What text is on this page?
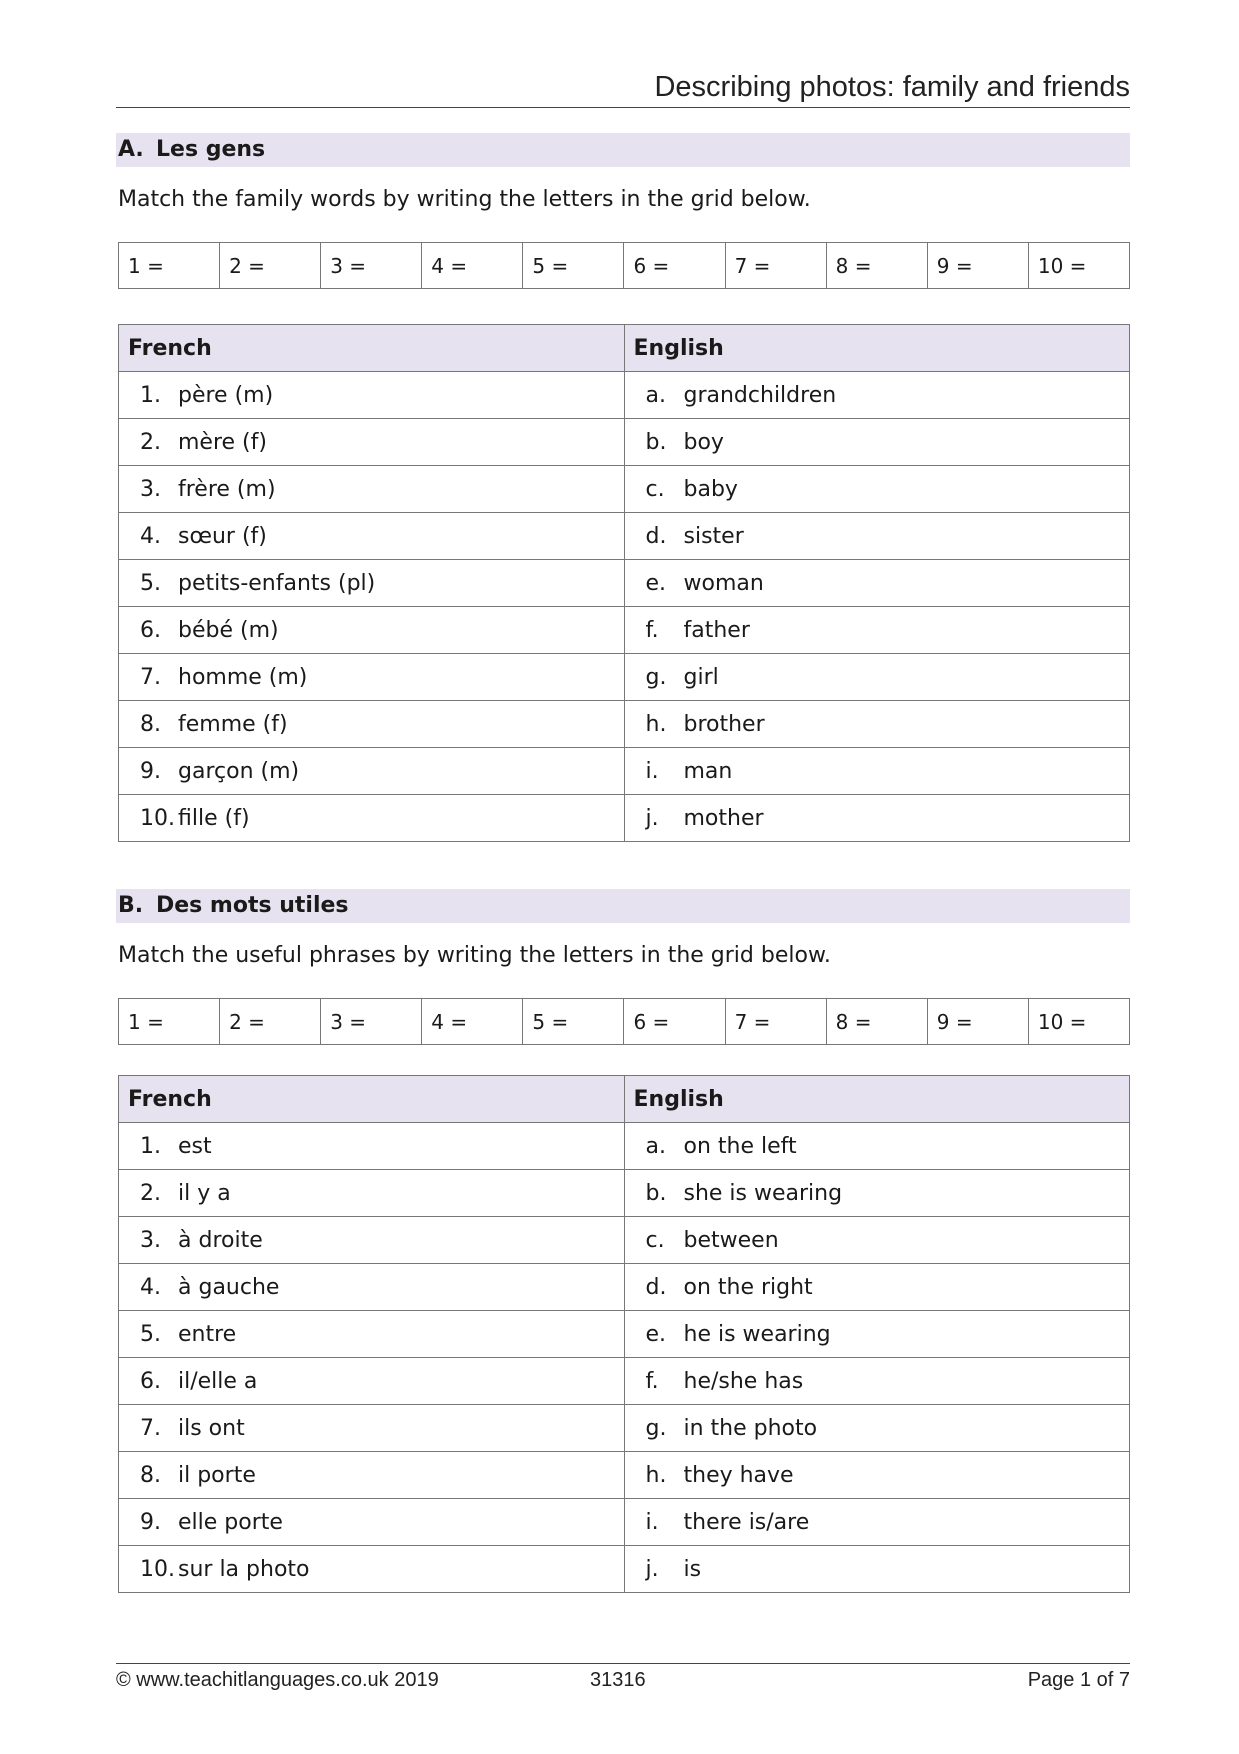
Describing photos: family and friends
A. Les gens
Match the family words by writing the letters in the grid below.
1 =	2 =	3 =	4 =	5 =	6 =	7 =	8 =	9 =	10 =
French	English
1. père (m)	a. grandchildren
2. mère (f)	b. boy
3. frère (m)	c. baby
4. sœur (f)	d. sister
5. petits-enfants (pl)	e. woman
6. bébé (m)	f. father
7. homme (m)	g. girl
8. femme (f)	h. brother
9. garçon (m)	i. man
10. fille (f)	j. mother
B. Des mots utiles
Match the useful phrases by writing the letters in the grid below.
1 =	2 =	3 =	4 =	5 =	6 =	7 =	8 =	9 =	10 =
French	English
1. est	a. on the left
2. il y a	b. she is wearing
3. à droite	c. between
4. à gauche	d. on the right
5. entre	e. he is wearing
6. il/elle a	f. he/she has
7. ils ont	g. in the photo
8. il porte	h. they have
9. elle porte	i. there is/are
10. sur la photo	j. is
© www.teachitlanguages.co.uk 2019	31316	Page 1 of 7
